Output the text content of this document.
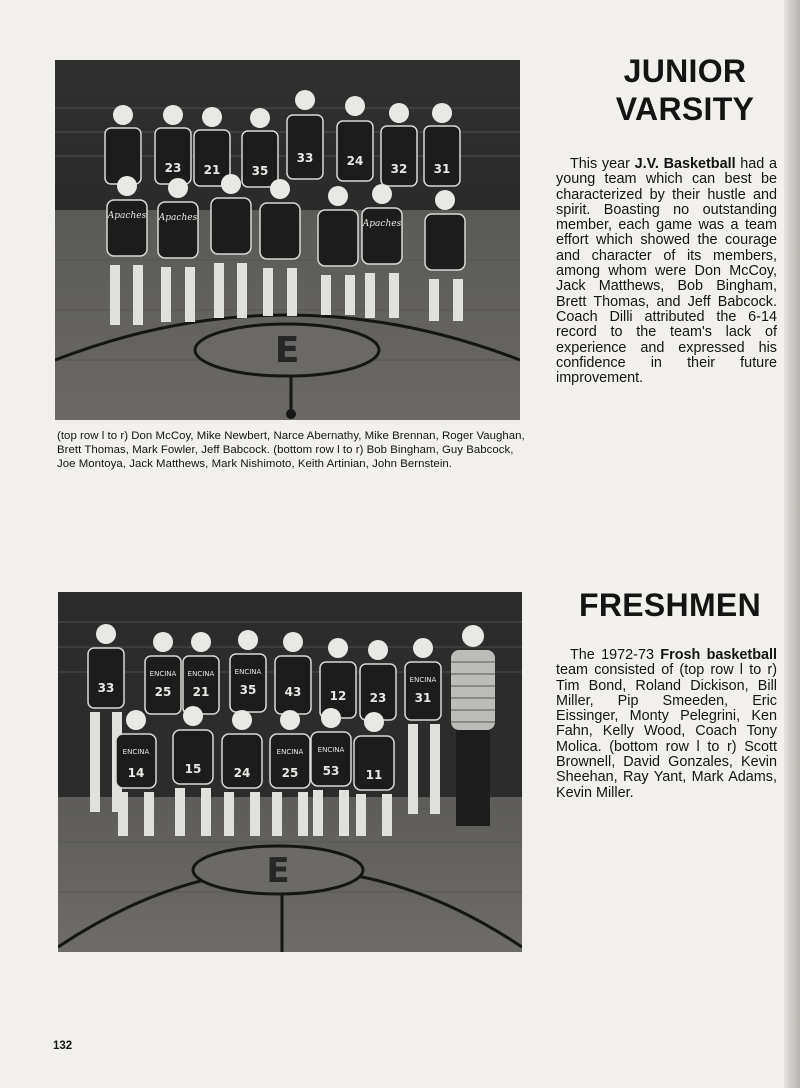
E
23 21	35
33	24
32 31
Apaches Apaches
Apaches
(top row l to r) Don McCoy, Mike Newbert, Narce Abernathy, Mike Brennan, Roger Vaughan, Brett Thomas, Mark Fowler, Jeff Babcock. (bottom row l to r) Bob Bingham, Guy Babcock, Joe Montoya, Jack Matthews, Mark Nishimoto, Keith Artinian, John Bernstein.
JUNIOR
VARSITY
This year J.V. Basketball had a young team which can best be characterized by their hustle and spirit. Boasting no outstanding member, each game was a team effort which showed the courage and character of its members, among whom were Don McCoy, Jack Matthews, Bob Bingham, Brett Thomas, and Jeff Babcock. Coach Dilli attributed the 6-14 record to the team's lack of experience and expressed his confidence in their future improvement.
E
33	25 21	35 43 12 23 31
ENCINA ENCINA	ENCINA
ENCINA
14	15	24	25 53 11
ENCINA	ENCINA ENCINA
FRESHMEN
The 1972-73 Frosh basketball team consisted of (top row l to r) Tim Bond, Roland Dickison, Bill Miller, Pip Smeeden, Eric Eissinger, Monty Pelegrini, Ken Fahn, Kelly Wood, Coach Tony Molica. (bottom row l to r) Scott Brownell, David Gonzales, Kevin Sheehan, Ray Yant, Mark Adams, Kevin Miller.
132
